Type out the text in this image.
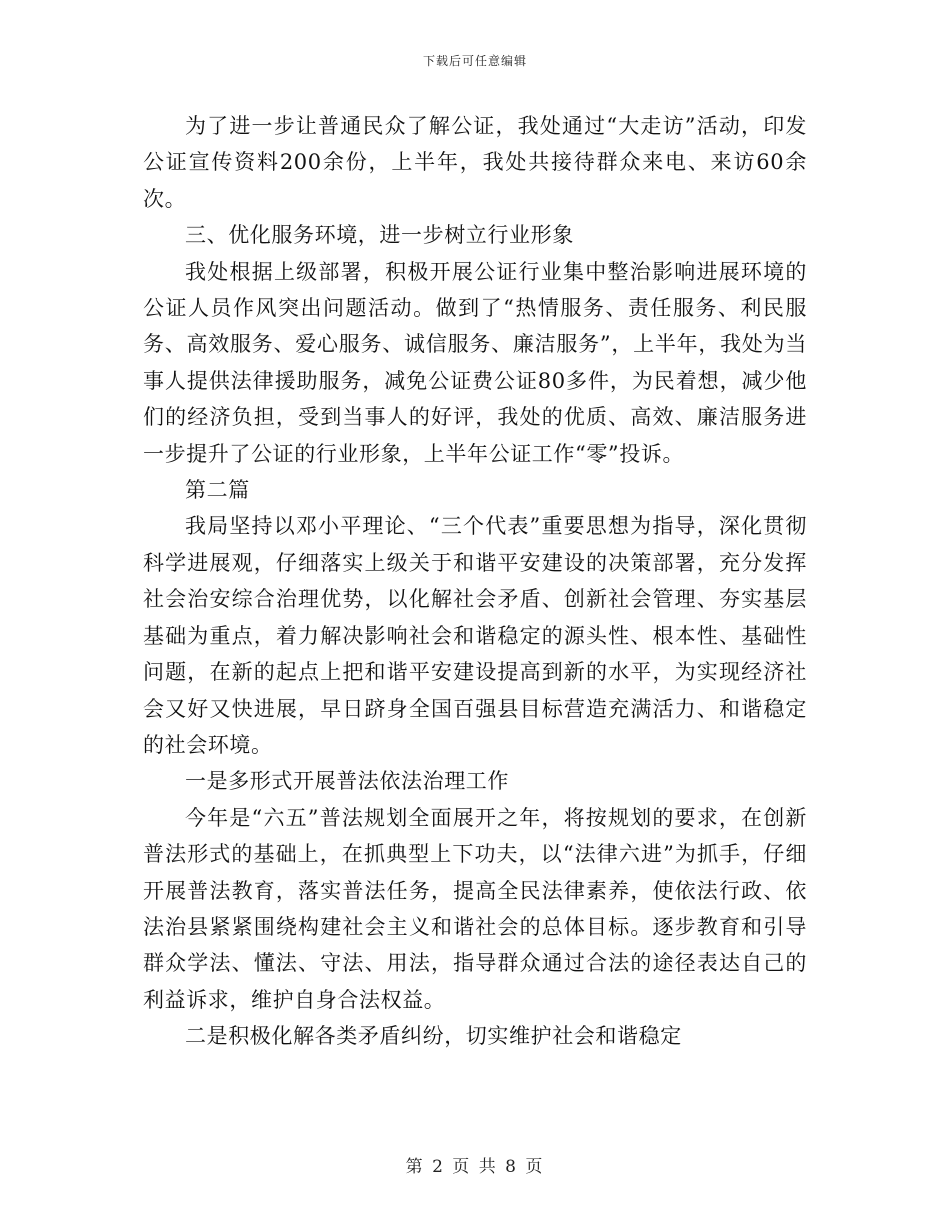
下载后可任意编辑

为了进一步让普通民众了解公证，我处通过“大走访”活动，印发公证宣传资料200余份，上半年，我处共接待群众来电、来访60余次。

三、优化服务环境，进一步树立行业形象

我处根据上级部署，积极开展公证行业集中整治影响进展环境的公证人员作风突出问题活动。做到了“热情服务、责任服务、利民服务、高效服务、爱心服务、诚信服务、廉洁服务”，上半年，我处为当事人提供法律援助服务，减免公证费公证80多件，为民着想，减少他们的经济负担，受到当事人的好评，我处的优质、高效、廉洁服务进一步提升了公证的行业形象，上半年公证工作“零”投诉。

第二篇

我局坚持以邓小平理论、“三个代表”重要思想为指导，深化贯彻科学进展观，仔细落实上级关于和谐平安建设的决策部署，充分发挥社会治安综合治理优势，以化解社会矛盾、创新社会管理、夯实基层基础为重点，着力解决影响社会和谐稳定的源头性、根本性、基础性问题，在新的起点上把和谐平安建设提高到新的水平，为实现经济社会又好又快进展，早日跻身全国百强县目标营造充满活力、和谐稳定的社会环境。

一是多形式开展普法依法治理工作

今年是“六五”普法规划全面展开之年，将按规划的要求，在创新普法形式的基础上，在抓典型上下功夫，以“法律六进”为抓手，仔细开展普法教育，落实普法任务，提高全民法律素养，使依法行政、依法治县紧紧围绕构建社会主义和谐社会的总体目标。逐步教育和引导群众学法、懂法、守法、用法，指导群众通过合法的途径表达自己的利益诉求，维护自身合法权益。

二是积极化解各类矛盾纠纷，切实维护社会和谐稳定

第 2 页 共 8 页
